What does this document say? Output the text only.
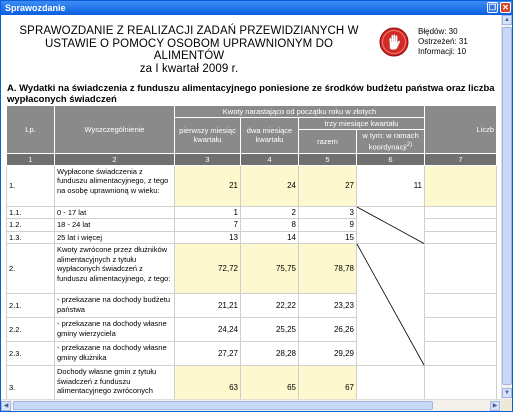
Sprawozdanie	❐ ✕
SPRAWOZDANIE Z REALIZACJI ZADAŃ PRZEWIDZIANYCH W
USTAWIE O POMOCY OSOBOM UPRAWNIONYM DO ALIMENTÓW
za I kwartał 2009 r.
Błędów: 30
Ostrzeżeń: 31
Informacji: 10
A. Wydatki na świadczenia z funduszu alimentacyjnego poniesione ze środków budżetu państwa oraz liczba wypłaconych świadczeń
Lp.	Wyszczególnienie	Kwoty narastająco od początku roku w złotych				Liczb
		pierwszy miesiąc kwartału	dwa miesiące kwartału	trzy miesiące kwartału		
				razem	w tym: w ramach koordynacji$^{2)}$
1	2	3	4	5	6	7
1.	Wypłacone świadczenia z funduszu alimentacyjnego, z tego na osobę uprawnioną w wieku:	21	24	27	11	
1.1.	0 - 17 lat	1	2	3	

1.2.	18 - 24 lat	7	8	9		
1.3.	25 lat i więcej	13	14	15		
2.	Kwoty zwrócone przez dłużników alimentacyjnych z tytułu wypłaconych świadczeń z funduszu alimentacyjnego, z tego:	72,72	75,75	78,78	

2.1.	- przekazane na dochody budżetu państwa	21,21	22,22	23,23		
2.2.	- przekazane na dochody własne gminy wierzyciela	24,24	25,25	26,26		
2.3.	- przekazane na dochody własne gminy dłużnika	27,27	28,28	29,29		
3.	Dochody własne gmin z tytułu świadczeń z funduszu alimentacyjnego zwróconych	63	65	67		
▲
▼
◀	▶
